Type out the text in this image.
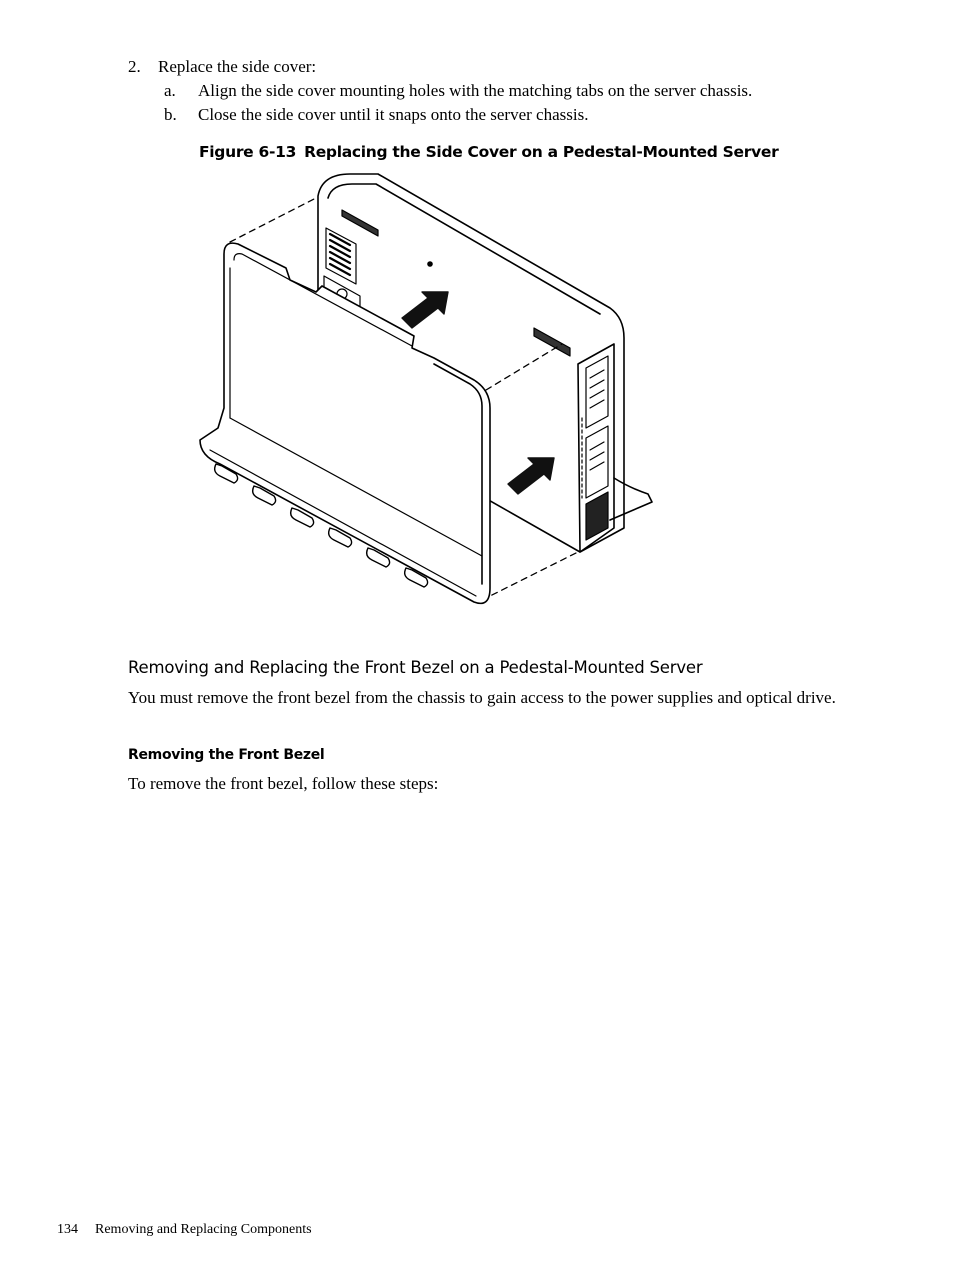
2. Replace the side cover:
a. Align the side cover mounting holes with the matching tabs on the server chassis.
b. Close the side cover until it snaps onto the server chassis.
Figure 6-13 Replacing the Side Cover on a Pedestal-Mounted Server
Removing and Replacing the Front Bezel on a Pedestal-Mounted Server
You must remove the front bezel from the chassis to gain access to the power supplies and optical drive.
Removing the Front Bezel
To remove the front bezel, follow these steps:
134 Removing and Replacing Components
